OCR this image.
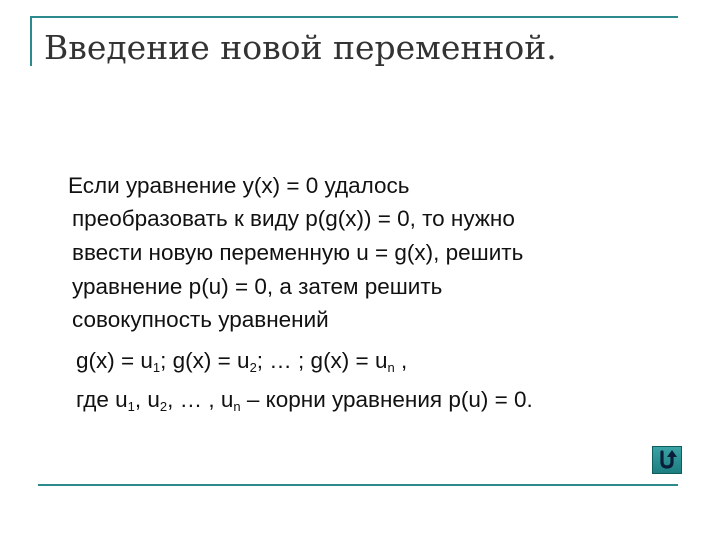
Введение новой переменной.
Если уравнение y(x) = 0 удалось
преобразовать к виду p(g(x)) = 0, то нужно
ввести новую переменную u = g(x), решить
уравнение p(u) = 0, а затем решить
совокупность уравнений
$g(x) = u_1$; $g(x) = u_2$; … ; $g(x) = u_n$ ,
где $u_1$, $u_2$, … , $u_n$ – корни уравнения p(u) = 0.
